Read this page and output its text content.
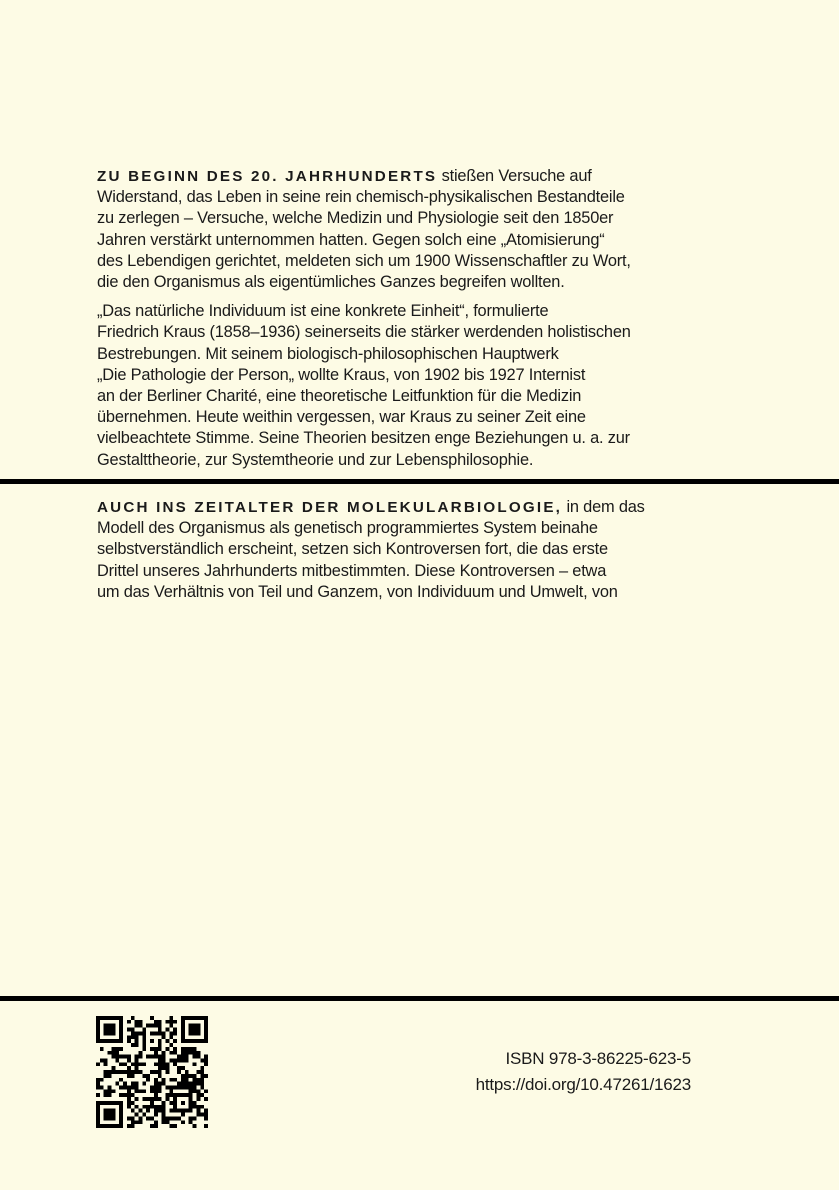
ZU BEGINN DES 20. JAHRHUNDERTS stießen Versuche auf
Widerstand, das Leben in seine rein chemisch-physikalischen Bestandteile
zu zerlegen – Versuche, welche Medizin und Physiologie seit den 1850er
Jahren verstärkt unternommen hatten. Gegen solch eine „Atomisierung“
des Lebendigen gerichtet, meldeten sich um 1900 Wissenschaftler zu Wort,
die den Organismus als eigentümliches Ganzes begreifen wollten.

„Das natürliche Individuum ist eine konkrete Einheit“, formulierte
Friedrich Kraus (1858–1936) seinerseits die stärker werdenden holistischen
Bestrebungen. Mit seinem biologisch-philosophischen Hauptwerk
„Die Pathologie der Person„ wollte Kraus, von 1902 bis 1927 Internist
an der Berliner Charité, eine theoretische Leitfunktion für die Medizin
übernehmen. Heute weithin vergessen, war Kraus zu seiner Zeit eine
vielbeachtete Stimme. Seine Theorien besitzen enge Beziehungen u. a. zur
Gestalttheorie, zur Systemtheorie und zur Lebensphilosophie.

AUCH INS ZEITALTER DER MOLEKULARBIOLOGIE, in dem das
Modell des Organismus als genetisch programmiertes System beinahe
selbstverständlich erscheint, setzen sich Kontroversen fort, die das erste
Drittel unseres Jahrhunderts mitbestimmten. Diese Kontroversen – etwa
um das Verhältnis von Teil und Ganzem, von Individuum und Umwelt, von

ISBN 978-3-86225-623-5
https://doi.org/10.47261/1623
